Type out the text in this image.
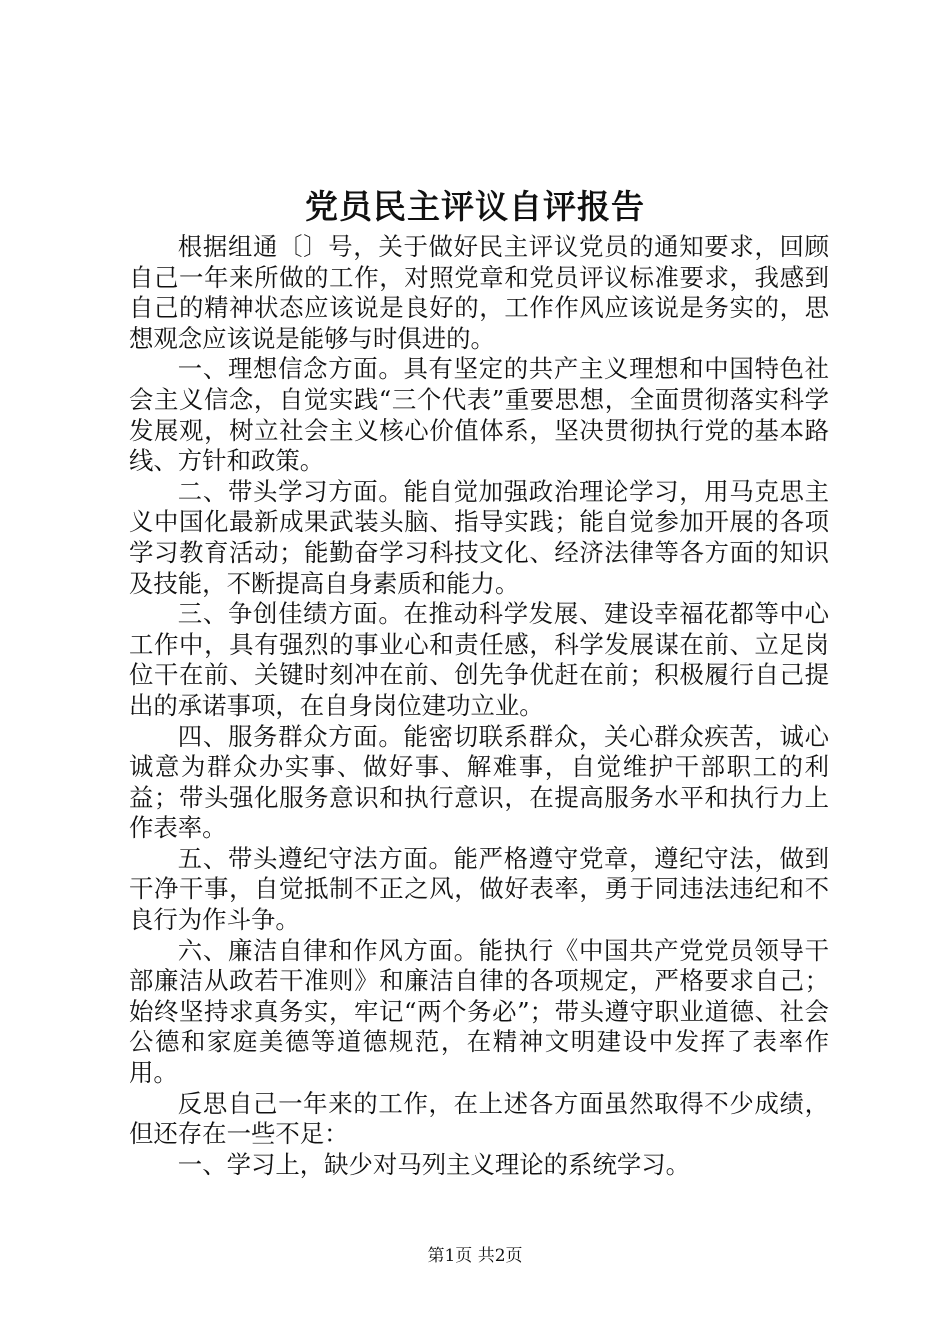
党员民主评议自评报告

根据组通〔〕号，关于做好民主评议党员的通知要求，回顾自己一年来所做的工作，对照党章和党员评议标准要求，我感到自己的精神状态应该说是良好的，工作作风应该说是务实的，思想观念应该说是能够与时俱进的。

一、理想信念方面。具有坚定的共产主义理想和中国特色社会主义信念，自觉实践“三个代表”重要思想，全面贯彻落实科学发展观，树立社会主义核心价值体系，坚决贯彻执行党的基本路线、方针和政策。

二、带头学习方面。能自觉加强政治理论学习，用马克思主义中国化最新成果武装头脑、指导实践；能自觉参加开展的各项学习教育活动；能勤奋学习科技文化、经济法律等各方面的知识及技能，不断提高自身素质和能力。

三、争创佳绩方面。在推动科学发展、建设幸福花都等中心工作中，具有强烈的事业心和责任感，科学发展谋在前、立足岗位干在前、关键时刻冲在前、创先争优赶在前；积极履行自己提出的承诺事项，在自身岗位建功立业。

四、服务群众方面。能密切联系群众，关心群众疾苦，诚心诚意为群众办实事、做好事、解难事，自觉维护干部职工的利益；带头强化服务意识和执行意识，在提高服务水平和执行力上作表率。

五、带头遵纪守法方面。能严格遵守党章，遵纪守法，做到干净干事，自觉抵制不正之风，做好表率，勇于同违法违纪和不良行为作斗争。

六、廉洁自律和作风方面。能执行《中国共产党党员领导干部廉洁从政若干准则》和廉洁自律的各项规定，严格要求自己；始终坚持求真务实，牢记“两个务必”；带头遵守职业道德、社会公德和家庭美德等道德规范，在精神文明建设中发挥了表率作用。

反思自己一年来的工作，在上述各方面虽然取得不少成绩，但还存在一些不足：

一、学习上，缺少对马列主义理论的系统学习。

第1页 共2页
